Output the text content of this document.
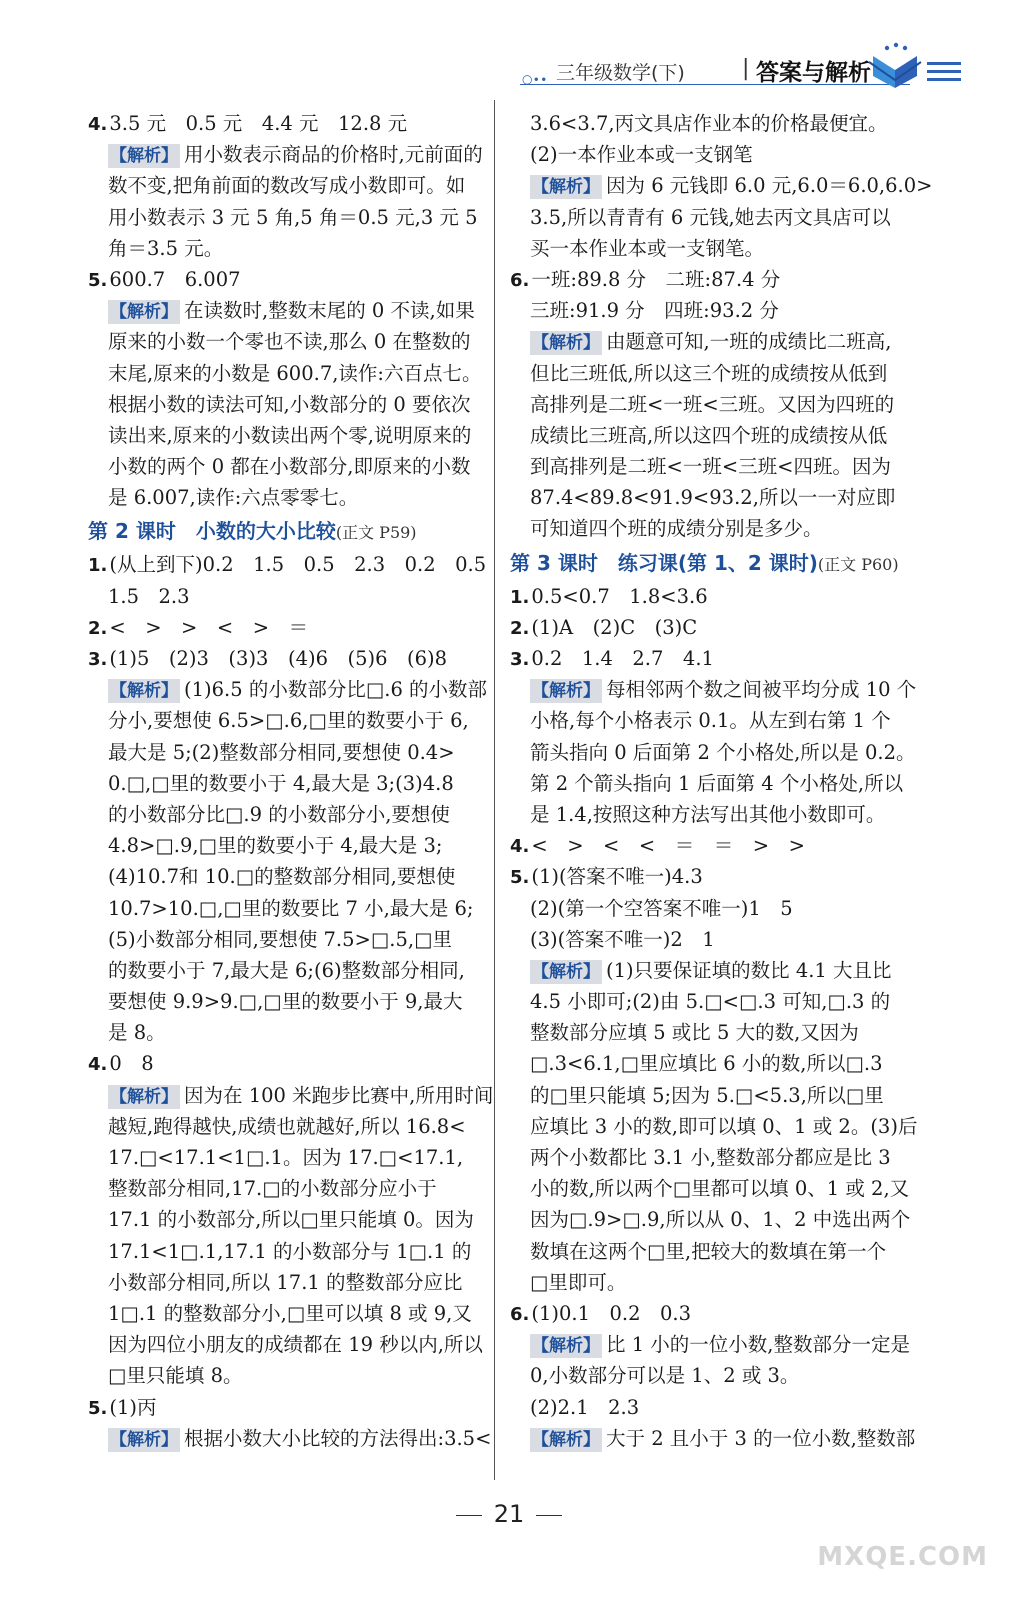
○∙∙ 三年级数学(下)	| 答案与解析
4. 3.5 元　0.5 元　4.4 元　12.8 元
【解析】 用小数表示商品的价格时,元前面的
数不变,把角前面的数改写成小数即可。如
用小数表示 3 元 5 角,5 角＝0.5 元,3 元 5
角＝3.5 元。
5. 600.7　6.007
【解析】 在读数时,整数末尾的 0 不读,如果
原来的小数一个零也不读,那么 0 在整数的
末尾,原来的小数是 600.7,读作:六百点七。
根据小数的读法可知,小数部分的 0 要依次
读出来,原来的小数读出两个零,说明原来的
小数的两个 0 都在小数部分,即原来的小数
是 6.007,读作:六点零零七。
第 2 课时　小数的大小比较(正文 P59)
1. (从上到下)0.2　1.5　0.5　2.3　0.2　0.5
1.5　2.3
2. <　>　>　<　>　＝
3. (1)5　(2)3　(3)3　(4)6　(5)6　(6)8
【解析】 (1)6.5 的小数部分比□.6 的小数部
分小,要想使 6.5>□.6,□里的数要小于 6,
最大是 5;(2)整数部分相同,要想使 0.4>
0.□,□里的数要小于 4,最大是 3;(3)4.8
的小数部分比□.9 的小数部分小,要想使
4.8>□.9,□里的数要小于 4,最大是 3;
(4)10.7和 10.□的整数部分相同,要想使
10.7>10.□,□里的数要比 7 小,最大是 6;
(5)小数部分相同,要想使 7.5>□.5,□里
的数要小于 7,最大是 6;(6)整数部分相同,
要想使 9.9>9.□,□里的数要小于 9,最大
是 8。
4. 0　8
【解析】 因为在 100 米跑步比赛中,所用时间
越短,跑得越快,成绩也就越好,所以 16.8<
17.□<17.1<1□.1。因为 17.□<17.1,
整数部分相同,17.□的小数部分应小于
17.1 的小数部分,所以□里只能填 0。因为
17.1<1□.1,17.1 的小数部分与 1□.1 的
小数部分相同,所以 17.1 的整数部分应比
1□.1 的整数部分小,□里可以填 8 或 9,又
因为四位小朋友的成绩都在 19 秒以内,所以
□里只能填 8。
5. (1)丙
【解析】 根据小数大小比较的方法得出:3.5<
3.6<3.7,丙文具店作业本的价格最便宜。
(2)一本作业本或一支钢笔
【解析】 因为 6 元钱即 6.0 元,6.0＝6.0,6.0>
3.5,所以青青有 6 元钱,她去丙文具店可以
买一本作业本或一支钢笔。
6. 一班:89.8 分　二班:87.4 分
三班:91.9 分　四班:93.2 分
【解析】 由题意可知,一班的成绩比二班高,
但比三班低,所以这三个班的成绩按从低到
高排列是二班<一班<三班。又因为四班的
成绩比三班高,所以这四个班的成绩按从低
到高排列是二班<一班<三班<四班。因为
87.4<89.8<91.9<93.2,所以一一对应即
可知道四个班的成绩分别是多少。
第 3 课时　练习课(第 1、2 课时)(正文 P60)
1. 0.5<0.7　1.8<3.6
2. (1)A　(2)C　(3)C
3. 0.2　1.4　2.7　4.1
【解析】 每相邻两个数之间被平均分成 10 个
小格,每个小格表示 0.1。从左到右第 1 个
箭头指向 0 后面第 2 个小格处,所以是 0.2。
第 2 个箭头指向 1 后面第 4 个小格处,所以
是 1.4,按照这种方法写出其他小数即可。
4. <　>　<　<　＝　＝　>　>
5. (1)(答案不唯一)4.3
(2)(第一个空答案不唯一)1　5
(3)(答案不唯一)2　1
【解析】 (1)只要保证填的数比 4.1 大且比
4.5 小即可;(2)由 5.□<□.3 可知,□.3 的
整数部分应填 5 或比 5 大的数,又因为
□.3<6.1,□里应填比 6 小的数,所以□.3
的□里只能填 5;因为 5.□<5.3,所以□里
应填比 3 小的数,即可以填 0、1 或 2。(3)后
两个小数都比 3.1 小,整数部分都应是比 3
小的数,所以两个□里都可以填 0、1 或 2,又
因为□.9>□.9,所以从 0、1、2 中选出两个
数填在这两个□里,把较大的数填在第一个
□里即可。
6. (1)0.1　0.2　0.3
【解析】 比 1 小的一位小数,整数部分一定是
0,小数部分可以是 1、2 或 3。
(2)2.1　2.3
【解析】 大于 2 且小于 3 的一位小数,整数部
21
MXQE.COM
